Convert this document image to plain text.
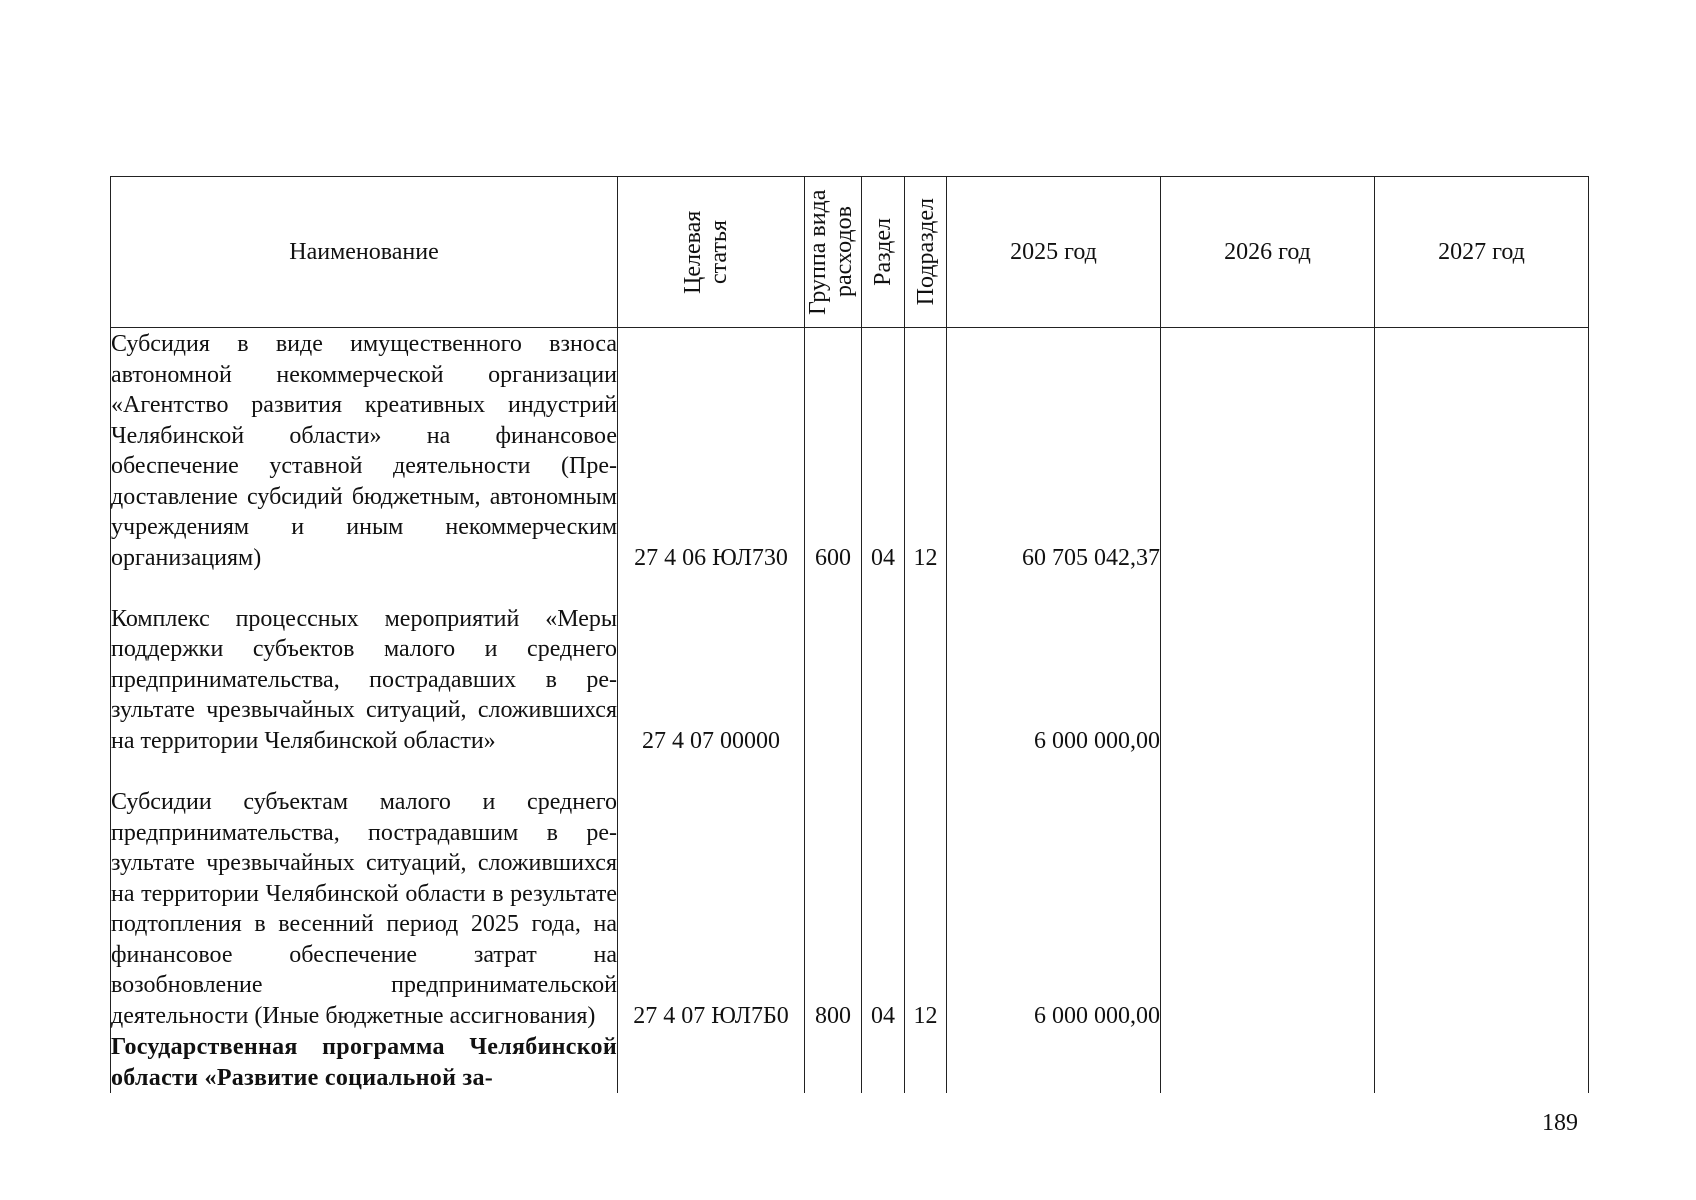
Наименование	Целевая статья	Группа вида расходов	Раздел	Подраздел	2025 год	2026 год	2027 год
Субсидия в виде имущественного взноса автономной некоммерческой организации «Агентство развития креативных индустрий Челябинской области» на финансовое обеспечение уставной деятельности (Предоставление субсидий бюджетным, автономным учреждениям и иным некоммерческим организациям)	27 4 06 ЮЛ730	600	04	12	60 705 042,37		
Комплекс процессных мероприятий «Меры поддержки субъектов малого и среднего предпринимательства, пострадавших в результате чрезвычайных ситуаций, сложившихся на территории Челябинской области»	27 4 07 00000				6 000 000,00		
Субсидии субъектам малого и среднего предпринимательства, пострадавшим в результате чрезвычайных ситуаций, сложившихся на территории Челябинской области в результате подтопления в весенний период 2025 года, на финансовое обеспечение затрат на возобновление предпринимательской деятельности (Иные бюджетные ассигнования)	27 4 07 ЮЛ7Б0	800	04	12	6 000 000,00		
Государственная программа Челябинской области «Развитие социальной за-							
189
